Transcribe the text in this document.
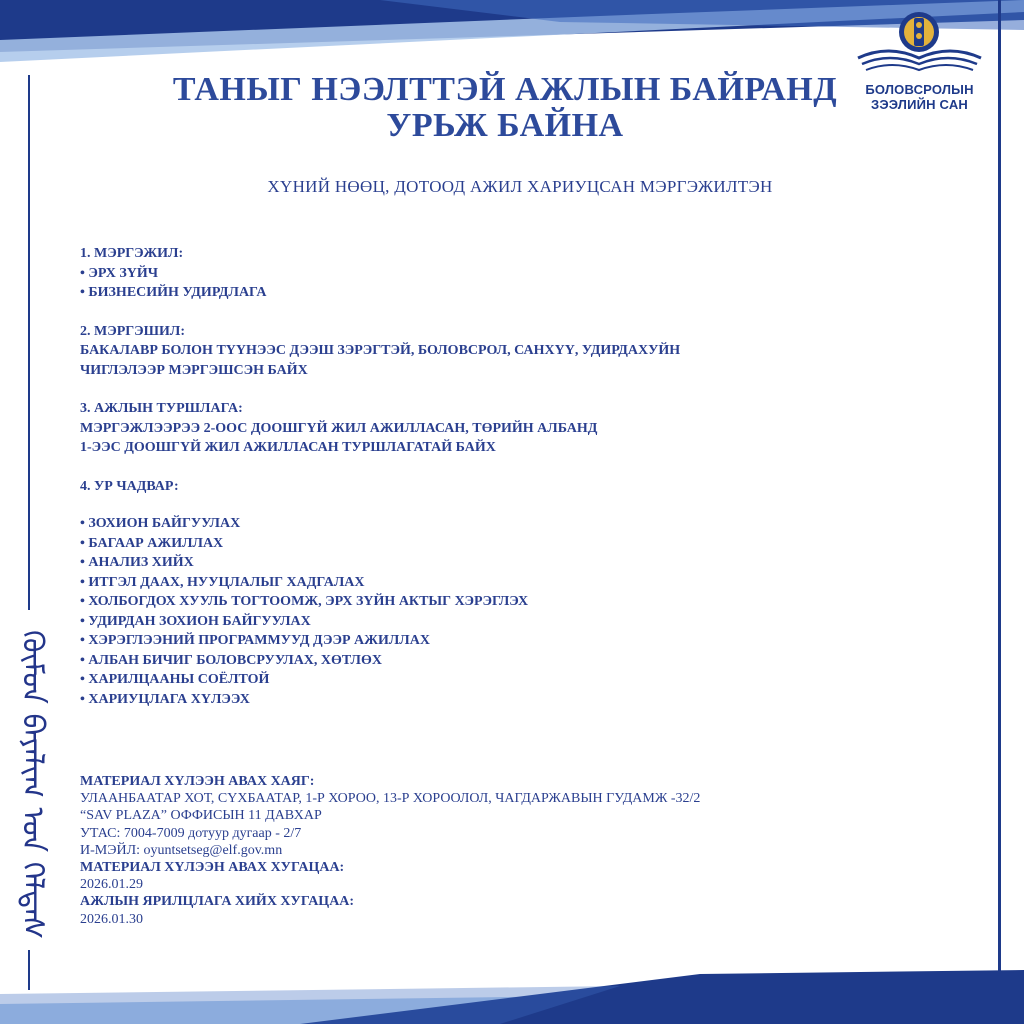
БОЛОВСРОЛЫН
ЗЭЭЛИЙН САН
ТАНЫГ НЭЭЛТТЭЙ АЖЛЫН БАЙРАНД
УРЬЖ БАЙНА
ХҮНИЙ НӨӨЦ, ДОТООД АЖИЛ ХАРИУЦСАН МЭРГЭЖИЛТЭН
1. МЭРГЭЖИЛ:
• ЭРХ ЗҮЙЧ
• БИЗНЕСИЙН УДИРДЛАГА
2. МЭРГЭШИЛ:
БАКАЛАВР БОЛОН ТҮҮНЭЭС ДЭЭШ ЗЭРЭГТЭЙ, БОЛОВСРОЛ, САНХҮҮ, УДИРДАХУЙН
ЧИГЛЭЛЭЭР МЭРГЭШСЭН БАЙХ
3. АЖЛЫН ТУРШЛАГА:
МЭРГЭЖЛЭЭРЭЭ 2-ООС ДООШГҮЙ ЖИЛ АЖИЛЛАСАН, ТӨРИЙН АЛБАНД
1-ЭЭС ДООШГҮЙ ЖИЛ АЖИЛЛАСАН ТУРШЛАГАТАЙ БАЙХ
4. УР ЧАДВАР:
• ЗОХИОН БАЙГУУЛАХ
• БАГААР АЖИЛЛАХ
• АНАЛИЗ ХИЙХ
• ИТГЭЛ ДААХ, НУУЦЛАЛЫГ ХАДГАЛАХ
• ХОЛБОГДОХ ХУУЛЬ ТОГТООМЖ, ЭРХ ЗҮЙН АКТЫГ ХЭРЭГЛЭХ
• УДИРДАН ЗОХИОН БАЙГУУЛАХ
• ХЭРЭГЛЭЭНИЙ ПРОГРАММУУД ДЭЭР АЖИЛЛАХ
• АЛБАН БИЧИГ БОЛОВСРУУЛАХ, ХӨТЛӨХ
• ХАРИЛЦААНЫ СОЁЛТОЙ
• ХАРИУЦЛАГА ХҮЛЭЭХ
МАТЕРИАЛ ХҮЛЭЭН АВАХ ХАЯГ:
УЛААНБААТАР ХОТ, СҮХБААТАР, 1-Р ХОРОО, 13-Р ХОРООЛОЛ, ЧАГДАРЖАВЫН ГУДАМЖ -32/2
“SAV PLAZA” ОФФИСЫН 11 ДАВХАР
УТАС: 7004-7009 дотуур дугаар - 2/7
И-МЭЙЛ: oyuntsetseg@elf.gov.mn
МАТЕРИАЛ ХҮЛЭЭН АВАХ ХУГАЦАА:
2026.01.29
АЖЛЫН ЯРИЛЦЛАГА ХИЙХ ХУГАЦАА:
2026.01.30
ᠬᠦᠮᠦᠨ ᠪᠠᠶᠠᠯᠢᠭ ᠤᠨ ᠬᠡᠯᠲᠡᠰ
